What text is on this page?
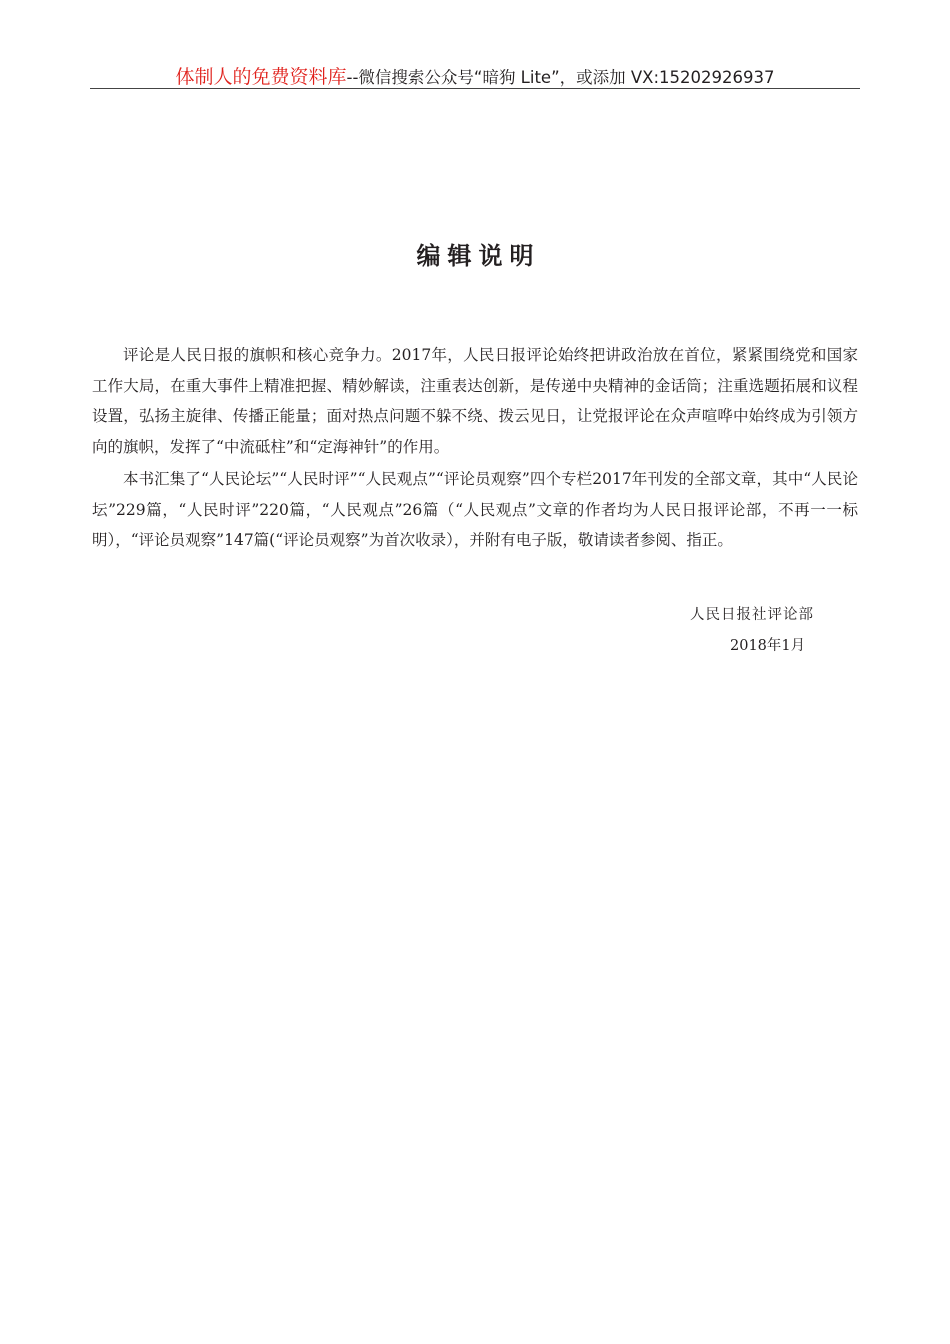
体制人的免费资料库--微信搜索公众号“暗狗 Lite”，或添加 VX:15202926937
编辑说明

评论是人民日报的旗帜和核心竞争力。2017年，人民日报评论始终把讲政治放在首位，紧紧围绕党和国家工作大局，在重大事件上精准把握、精妙解读，注重表达创新，是传递中央精神的金话筒；注重选题拓展和议程设置，弘扬主旋律、传播正能量；面对热点问题不躲不绕、拨云见日，让党报评论在众声喧哗中始终成为引领方向的旗帜，发挥了“中流砥柱”和“定海神针”的作用。

本书汇集了“人民论坛”“人民时评”“人民观点”“评论员观察”四个专栏2017年刊发的全部文章，其中“人民论坛”229篇，“人民时评”220篇，“人民观点”26篇（“人民观点”文章的作者均为人民日报评论部，不再一一标明），“评论员观察”147篇(“评论员观察”为首次收录），并附有电子版，敬请读者参阅、指正。

人民日报社评论部
2018年1月
